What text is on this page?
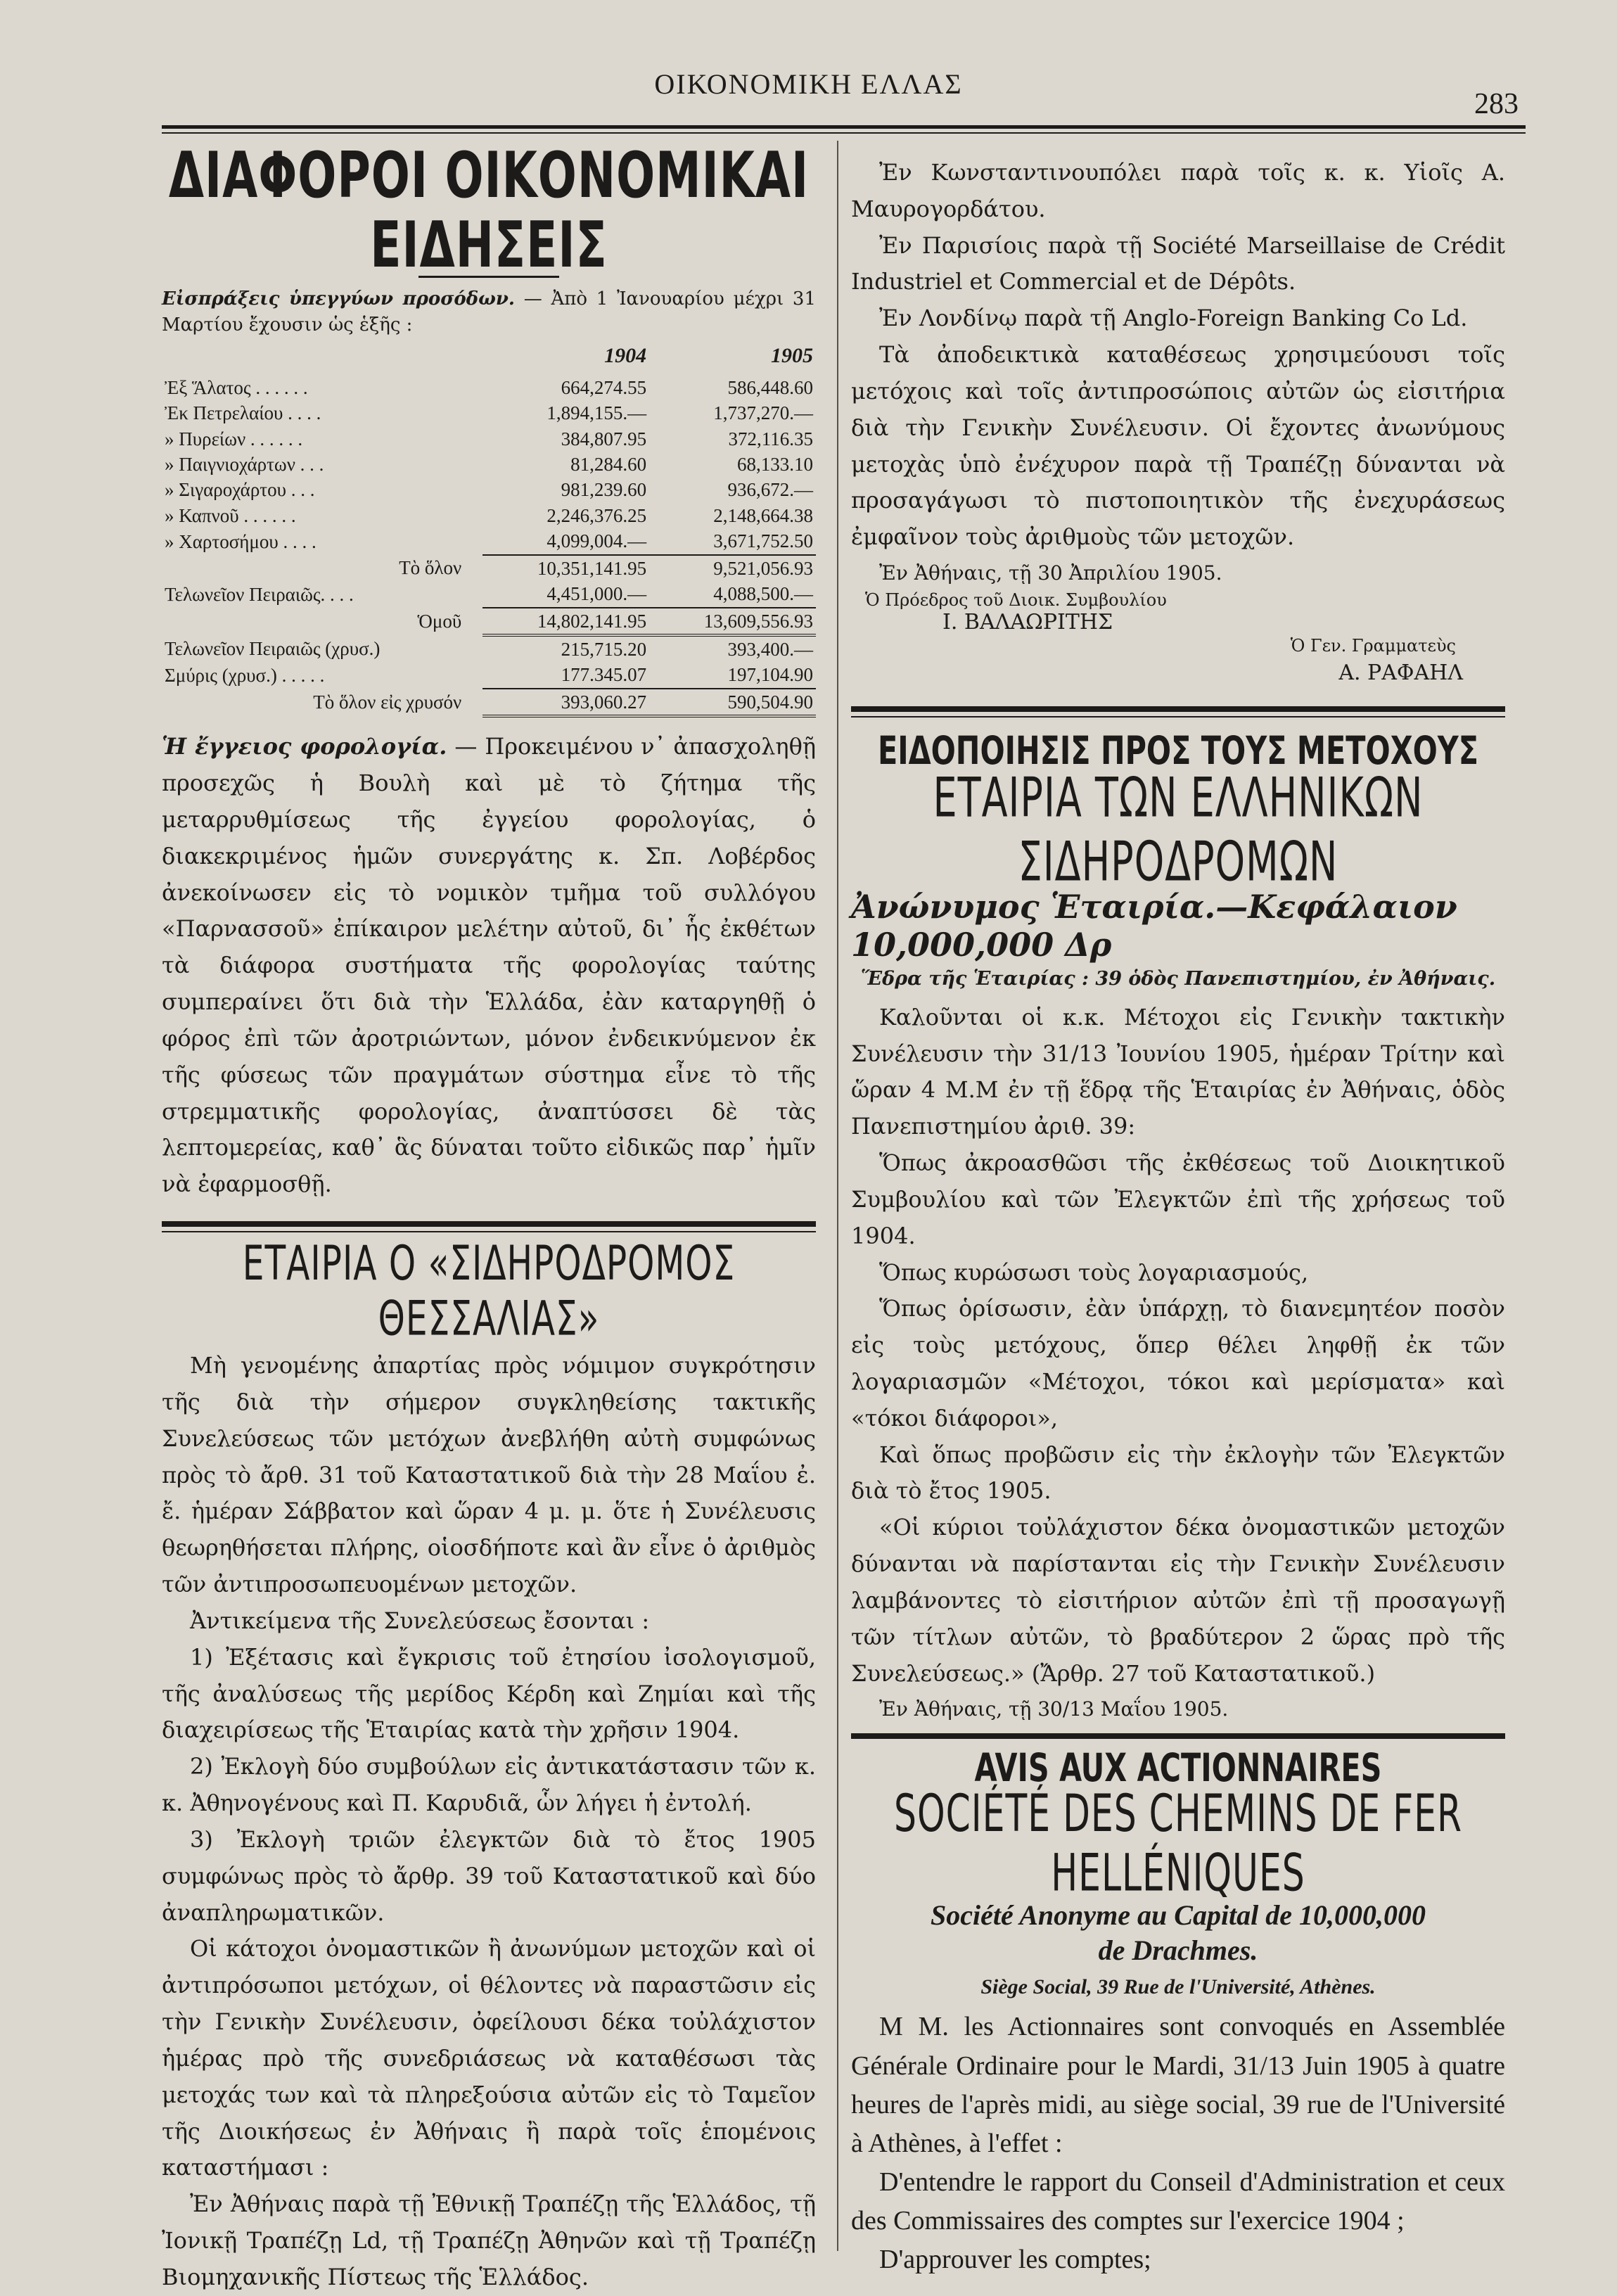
ΟΙΚΟΝΟΜΙΚΗ ΕΛΛΑΣ
283
ΔΙΑΦΟΡΟΙ ΟΙΚΟΝΟΜΙΚΑΙ ΕΙΔΗΣΕΙΣ

Εἰσπράξεις ὑπεγγύων προσόδων. — Ἀπὸ 1 Ἰανουαρίου μέχρι 31 Μαρτίου ἔχουσιν ὡς ἑξῆς :

	1904	1905
Ἐξ Ἅλατος . . . . . .	664,274.55	586,448.60
Ἐκ Πετρελαίου . . . .	1,894,155.—	1,737,270.—
» Πυρείων . . . . . .	384,807.95	372,116.35
» Παιγνιοχάρτων . . .	81,284.60	68,133.10
» Σιγαροχάρτου . . .	981,239.60	936,672.—
» Καπνοῦ . . . . . .	2,246,376.25	2,148,664.38
» Χαρτοσήμου . . . .	4,099,004.—	3,671,752.50
Τὸ ὅλον	10,351,141.95	9,521,056.93
Τελωνεῖον Πειραιῶς. . . .	4,451,000.—	4,088,500.—
Ὁμοῦ	14,802,141.95	13,609,556.93
Τελωνεῖον Πειραιῶς (χρυσ.)	215,715.20	393,400.—
Σμύρις (χρυσ.) . . . . .	177.345.07	197,104.90
Τὸ ὅλον εἰς χρυσόν	393,060.27	590,504.90

Ἡ ἔγγειος φορολογία. — Προκειμένου ν᾽ ἀπασχοληθῇ προσεχῶς ἡ Βουλὴ καὶ μὲ τὸ ζήτημα τῆς μεταρρυθμίσεως τῆς ἐγγείου φορολογίας, ὁ διακεκριμένος ἡμῶν συνεργάτης κ. Σπ. Λοβέρδος ἀνεκοίνωσεν εἰς τὸ νομικὸν τμῆμα τοῦ συλλόγου «Παρνασσοῦ» ἐπίκαιρον μελέτην αὐτοῦ, δι᾽ ἧς ἐκθέτων τὰ διάφορα συστήματα τῆς φορολογίας ταύτης συμπεραίνει ὅτι διὰ τὴν Ἑλλάδα, ἐὰν καταργηθῇ ὁ φόρος ἐπὶ τῶν ἀροτριώντων, μόνον ἐνδεικνύμενον ἐκ τῆς φύσεως τῶν πραγμάτων σύστημα εἶνε τὸ τῆς στρεμματικῆς φορολογίας, ἀναπτύσσει δὲ τὰς λεπτομερείας, καθ᾽ ἃς δύναται τοῦτο εἰδικῶς παρ᾽ ἡμῖν νὰ ἐφαρμοσθῇ.

ΕΤΑΙΡΙΑ Ο «ΣΙΔΗΡΟΔΡΟΜΟΣ ΘΕΣΣΑΛΙΑΣ»

Μὴ γενομένης ἀπαρτίας πρὸς νόμιμον συγκρότησιν τῆς διὰ τὴν σήμερον συγκληθείσης τακτικῆς Συνελεύσεως τῶν μετόχων ἀνεβλήθη αὐτὴ συμφώνως πρὸς τὸ ἄρθ. 31 τοῦ Καταστατικοῦ διὰ τὴν 28 Μαΐου ἐ. ἔ. ἡμέραν Σάββατον καὶ ὥραν 4 μ. μ. ὅτε ἡ Συνέλευσις θεωρηθήσεται πλήρης, οἱοσδήποτε καὶ ἂν εἶνε ὁ ἀριθμὸς τῶν ἀντιπροσωπευομένων μετοχῶν.

Ἀντικείμενα τῆς Συνελεύσεως ἔσονται :

1) Ἐξέτασις καὶ ἔγκρισις τοῦ ἐτησίου ἰσολογισμοῦ, τῆς ἀναλύσεως τῆς μερίδος Κέρδη καὶ Ζημίαι καὶ τῆς διαχειρίσεως τῆς Ἑταιρίας κατὰ τὴν χρῆσιν 1904.

2) Ἐκλογὴ δύο συμβούλων εἰς ἀντικατάστασιν τῶν κ. κ. Ἀθηνογένους καὶ Π. Καρυδιᾶ, ὧν λήγει ἡ ἐντολή.

3) Ἐκλογὴ τριῶν ἐλεγκτῶν διὰ τὸ ἔτος 1905 συμφώνως πρὸς τὸ ἄρθρ. 39 τοῦ Καταστατικοῦ καὶ δύο ἀναπληρωματικῶν.

Οἱ κάτοχοι ὀνομαστικῶν ἢ ἀνωνύμων μετοχῶν καὶ οἱ ἀντιπρόσωποι μετόχων, οἱ θέλοντες νὰ παραστῶσιν εἰς τὴν Γενικὴν Συνέλευσιν, ὀφείλουσι δέκα τοὐλάχιστον ἡμέρας πρὸ τῆς συνεδριάσεως νὰ καταθέσωσι τὰς μετοχάς των καὶ τὰ πληρεξούσια αὐτῶν εἰς τὸ Ταμεῖον τῆς Διοικήσεως ἐν Ἀθήναις ἢ παρὰ τοῖς ἑπομένοις καταστήμασι :

Ἐν Ἀθήναις παρὰ τῇ Ἐθνικῇ Τραπέζῃ τῆς Ἑλλάδος, τῇ Ἰονικῇ Τραπέζῃ Ld, τῇ Τραπέζῃ Ἀθηνῶν καὶ τῇ Τραπέζῃ Βιομηχανικῆς Πίστεως τῆς Ἑλλάδος.

Ἐν Κωνσταντινουπόλει παρὰ τοῖς κ. κ. Υἱοῖς Α. Μαυρογορδάτου.

Ἐν Παρισίοις παρὰ τῇ Société Marseillaise de Crédit Industriel et Commercial et de Dépôts.

Ἐν Λονδίνῳ παρὰ τῇ Anglo-Foreign Banking Co Ld.

Τὰ ἀποδεικτικὰ καταθέσεως χρησιμεύουσι τοῖς μετόχοις καὶ τοῖς ἀντιπροσώποις αὐτῶν ὡς εἰσιτήρια διὰ τὴν Γενικὴν Συνέλευσιν. Οἱ ἔχοντες ἀνωνύμους μετοχὰς ὑπὸ ἐνέχυρον παρὰ τῇ Τραπέζῃ δύνανται νὰ προσαγάγωσι τὸ πιστοποιητικὸν τῆς ἐνεχυράσεως ἐμφαῖνον τοὺς ἀριθμοὺς τῶν μετοχῶν.

Ἐν Ἀθήναις, τῇ 30 Ἀπριλίου 1905.
Ὁ Πρόεδρος τοῦ Διοικ. Συμβουλίου
Ι. ΒΑΛΑΩΡΙΤΗΣ
Ὁ Γεν. Γραμματεὺς
Α. ΡΑΦΑΗΛ
ΕΙΔΟΠΟΙΗΣΙΣ ΠΡΟΣ ΤΟΥΣ ΜΕΤΟΧΟΥΣ
ΕΤΑΙΡΙΑ ΤΩΝ ΕΛΛΗΝΙΚΩΝ ΣΙΔΗΡΟΔΡΟΜΩΝ
Ἀνώνυμος Ἑταιρία.—Κεφάλαιον 10,000,000 Δρ
Ἕδρα τῆς Ἑταιρίας : 39 ὁδὸς Πανεπιστημίου, ἐν Ἀθήναις.

Καλοῦνται οἱ κ.κ. Μέτοχοι εἰς Γενικὴν τακτικὴν Συνέλευσιν τὴν 31/13 Ἰουνίου 1905, ἡμέραν Τρίτην καὶ ὥραν 4 Μ.Μ ἐν τῇ ἕδρᾳ τῆς Ἑταιρίας ἐν Ἀθήναις, ὁδὸς Πανεπιστημίου ἀριθ. 39:

Ὅπως ἀκροασθῶσι τῆς ἐκθέσεως τοῦ Διοικητικοῦ Συμβουλίου καὶ τῶν Ἐλεγκτῶν ἐπὶ τῆς χρήσεως τοῦ 1904.

Ὅπως κυρώσωσι τοὺς λογαριασμούς,

Ὅπως ὁρίσωσιν, ἐὰν ὑπάρχῃ, τὸ διανεμητέον ποσὸν εἰς τοὺς μετόχους, ὅπερ θέλει ληφθῇ ἐκ τῶν λογαριασμῶν «Μέτοχοι, τόκοι καὶ μερίσματα» καὶ «τόκοι διάφοροι»,

Καὶ ὅπως προβῶσιν εἰς τὴν ἐκλογὴν τῶν Ἐλεγκτῶν διὰ τὸ ἔτος 1905.

«Οἱ κύριοι τοὐλάχιστον δέκα ὀνομαστικῶν μετοχῶν δύνανται νὰ παρίστανται εἰς τὴν Γενικὴν Συνέλευσιν λαμβάνοντες τὸ εἰσιτήριον αὐτῶν ἐπὶ τῇ προσαγωγῇ τῶν τίτλων αὐτῶν, τὸ βραδύτερον 2 ὥρας πρὸ τῆς Συνελεύσεως.» (Ἄρθρ. 27 τοῦ Καταστατικοῦ.)

Ἐν Ἀθήναις, τῇ 30/13 Μαΐου 1905.
AVIS AUX ACTIONNAIRES
SOCIÉTÉ DES CHEMINS DE FER HELLÉNIQUES
Société Anonyme au Capital de 10,000,000
de Drachmes.
Siège Social, 39 Rue de l'Université, Athènes.

M M. les Actionnaires sont convoqués en Assemblée Générale Ordinaire pour le Mardi, 31/13 Juin 1905 à quatre heures de l'après midi, au siège social, 39 rue de l'Université à Athènes, à l'effet :

D'entendre le rapport du Conseil d'Administration et ceux des Commissaires des comptes sur l'exercice 1904 ;

D'approuver les comptes;
